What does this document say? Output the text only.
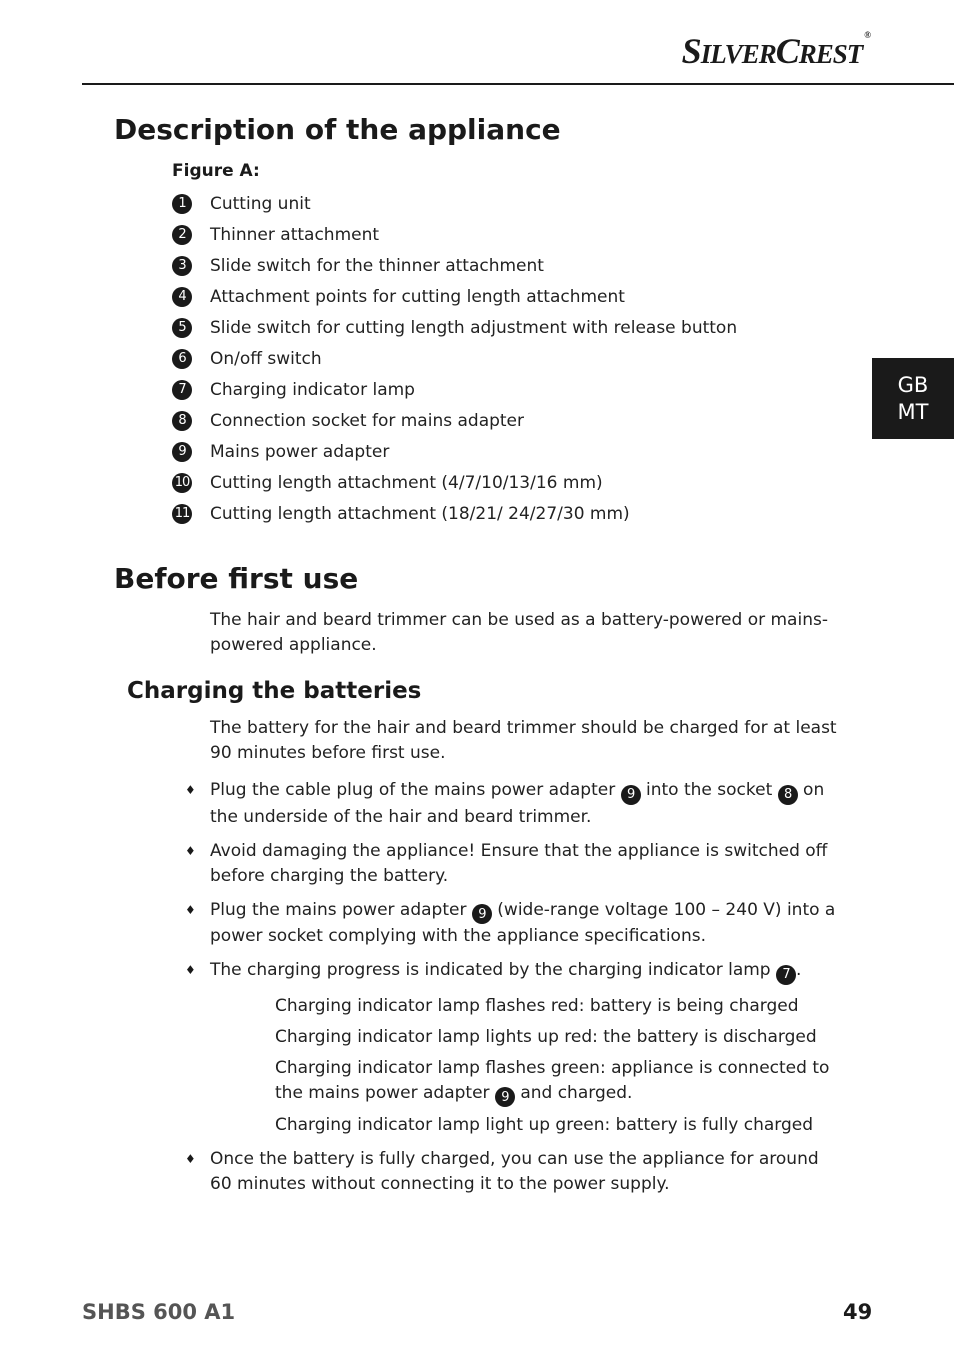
SILVERCREST®
GB
MT
Description of the appliance
Figure A:
1	Cutting unit
2	Thinner attachment
3	Slide switch for the thinner attachment
4	Attachment points for cutting length attachment
5	Slide switch for cutting length adjustment with release button
6	On/off switch
7	Charging indicator lamp
8	Connection socket for mains adapter
9	Mains power adapter
10 Cutting length attachment (4/7/10/13/16 mm)
11 Cutting length attachment (18/21/ 24/27/30 mm)
Before first use

The hair and beard trimmer can be used as a battery-powered or mains-powered appliance.

Charging the batteries

The battery for the hair and beard trimmer should be charged for at least
90 minutes before first use.

♦ Plug the cable plug of the mains power adapter 9 into the socket 8 on the underside of the hair and beard trimmer.
♦ Avoid damaging the appliance! Ensure that the appliance is switched off before charging the battery.
♦ Plug the mains power adapter 9 (wide-range voltage 100 – 240 V) into a power socket complying with the appliance specifications.
♦ The charging progress is indicated by the charging indicator lamp 7 .
Charging indicator lamp flashes red: battery is being charged
Charging indicator lamp lights up red: the battery is discharged
Charging indicator lamp flashes green: appliance is connected to the mains power adapter 9 and charged.
Charging indicator lamp light up green: battery is fully charged
♦ Once the battery is fully charged, you can use the appliance for around
60 minutes without connecting it to the power supply.
SHBS 600 A1	49
